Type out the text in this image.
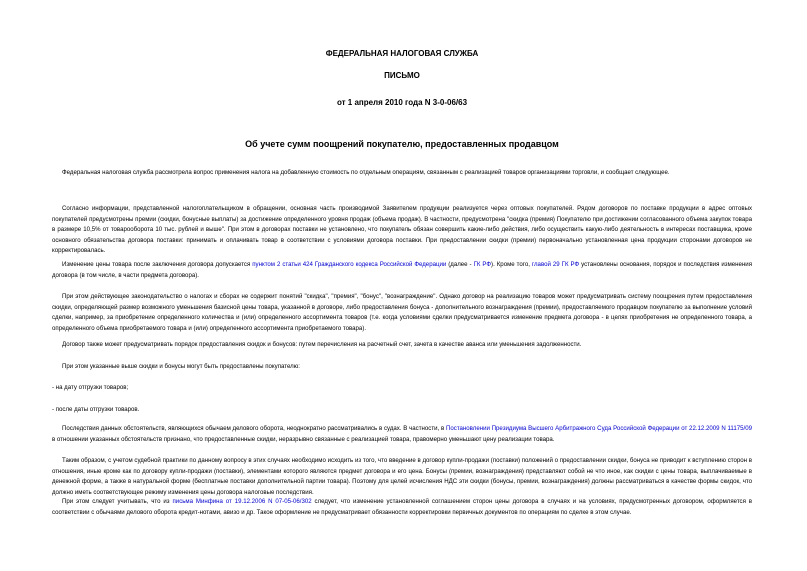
ФЕДЕРАЛЬНАЯ НАЛОГОВАЯ СЛУЖБА
ПИСЬМО
от 1 апреля 2010 года N 3-0-06/63
Об учете сумм поощрений покупателю, предоставленных продавцом

Федеральная налоговая служба рассмотрела вопрос применения налога на добавленную стоимость по отдельным операциям, связанным с реализацией товаров организациями торговли, и сообщает следующее.

Согласно информации, представленной налогоплательщиком в обращении, основная часть производимой Заявителем продукции реализуется через оптовых покупателей. Рядом договоров по поставке продукции в адрес оптовых покупателей предусмотрены премии (скидки, бонусные выплаты) за достижение определенного уровня продаж (объема продаж). В частности, предусмотрена "скидка (премия) Покупателю при достижении согласованного объема закупок товара в размере 10,5% от товарооборота 10 тыс. рублей и выше". При этом в договорах поставки не установлено, что покупатель обязан совершить какие-либо действия, либо осуществить какую-либо деятельность в интересах поставщика, кроме основного обязательства договора поставки: принимать и оплачивать товар в соответствии с условиями договора поставки. При предоставлении скидки (премии) первоначально установленная цена продукции сторонами договоров не корректировалась.

Изменение цены товара после заключения договора допускается пунктом 2 статьи 424 Гражданского кодекса Российской Федерации (далее - ГК РФ). Кроме того, главой 29 ГК РФ установлены основания, порядок и последствия изменения договора (в том числе, в части предмета договора).

При этом действующее законодательство о налогах и сборах не содержит понятий "скидка", "премия", "бонус", "вознаграждение". Однако договор на реализацию товаров может предусматривать систему поощрения путем предоставления скидки, определяющей размер возможного уменьшения базисной цены товара, указанной в договоре, либо предоставления бонуса - дополнительного вознаграждения (премии), предоставляемого продавцом покупателю за выполнение условий сделки, например, за приобретение определенного количества и (или) определенного ассортимента товаров (т.е. когда условиями сделки предусматривается изменение предмета договора - в целях приобретения не определенного товара, а определенного объема приобретаемого товара и (или) определенного ассортимента приобретаемого товара).

Договор также может предусматривать порядок предоставления скидок и бонусов: путем перечисления на расчетный счет, зачета в качестве аванса или уменьшения задолженности.

При этом указанные выше скидки и бонусы могут быть предоставлены покупателю:

- на дату отгрузки товаров;

- после даты отгрузки товаров.

Последствия данных обстоятельств, являющихся обычаем делового оборота, неоднократно рассматривались в судах. В частности, в Постановлении Президиума Высшего Арбитражного Суда Российской Федерации от 22.12.2009 N 11175/09 в отношении указанных обстоятельств признано, что предоставленные скидки, неразрывно связанные с реализацией товара, правомерно уменьшают цену реализации товара.

Таким образом, с учетом судебной практики по данному вопросу в этих случаях необходимо исходить из того, что введение в договор купли-продажи (поставки) положений о предоставлении скидки, бонуса не приводит к вступлению сторон в отношения, иные кроме как по договору купли-продажи (поставки), элементами которого являются предмет договора и его цена. Бонусы (премии, вознаграждения) представляют собой не что иное, как скидки с цены товара, выплачиваемые в денежной форме, а также в натуральной форме (бесплатные поставки дополнительной партии товара). Поэтому для целей исчисления НДС эти скидки (бонусы, премии, вознаграждения) должны рассматриваться в качестве формы скидок, что должно иметь соответствующее режиму изменения цены договора налоговые последствия.

При этом следует учитывать, что из письма Минфина от 19.12.2006 N 07-05-06/302 следует, что изменение установленной соглашением сторон цены договора в случаях и на условиях, предусмотренных договором, оформляется в соответствии с обычаями делового оборота кредит-нотами, авизо и др. Такое оформление не предусматривает обязанности корректировки первичных документов по операциям по сделке в этом случае.
